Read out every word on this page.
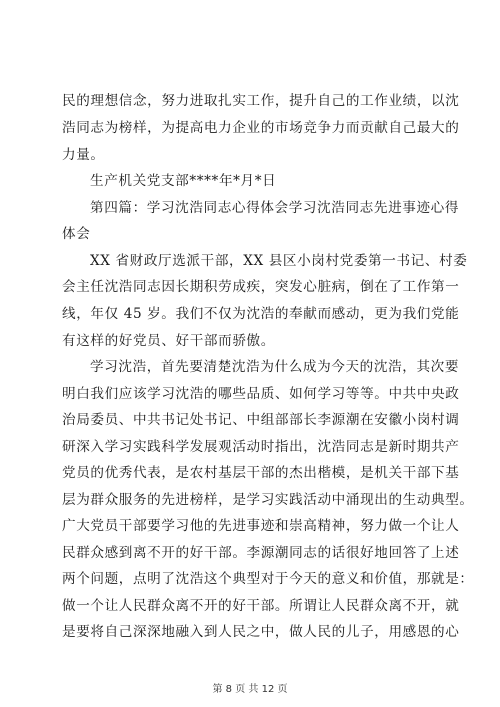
民的理想信念，努力进取扎实工作，提升自己的工作业绩，以沈
浩同志为榜样，为提高电力企业的市场竞争力而贡献自己最大的
力量。
生产机关党支部****年*月*日
第四篇：学习沈浩同志心得体会学习沈浩同志先进事迹心得
体会
XX 省财政厅选派干部，XX 县区小岗村党委第一书记、村委
会主任沈浩同志因长期积劳成疾，突发心脏病，倒在了工作第一
线，年仅 45 岁。我们不仅为沈浩的奉献而感动，更为我们党能
有这样的好党员、好干部而骄傲。
学习沈浩，首先要清楚沈浩为什么成为今天的沈浩，其次要
明白我们应该学习沈浩的哪些品质、如何学习等等。中共中央政
治局委员、中共书记处书记、中组部部长李源潮在安徽小岗村调
研深入学习实践科学发展观活动时指出，沈浩同志是新时期共产
党员的优秀代表，是农村基层干部的杰出楷模，是机关干部下基
层为群众服务的先进榜样，是学习实践活动中涌现出的生动典型。
广大党员干部要学习他的先进事迹和崇高精神，努力做一个让人
民群众感到离不开的好干部。李源潮同志的话很好地回答了上述
两个问题，点明了沈浩这个典型对于今天的意义和价值，那就是：
做一个让人民群众离不开的好干部。所谓让人民群众离不开，就
是要将自己深深地融入到人民之中，做人民的儿子，用感恩的心
第 8 页 共 12 页
